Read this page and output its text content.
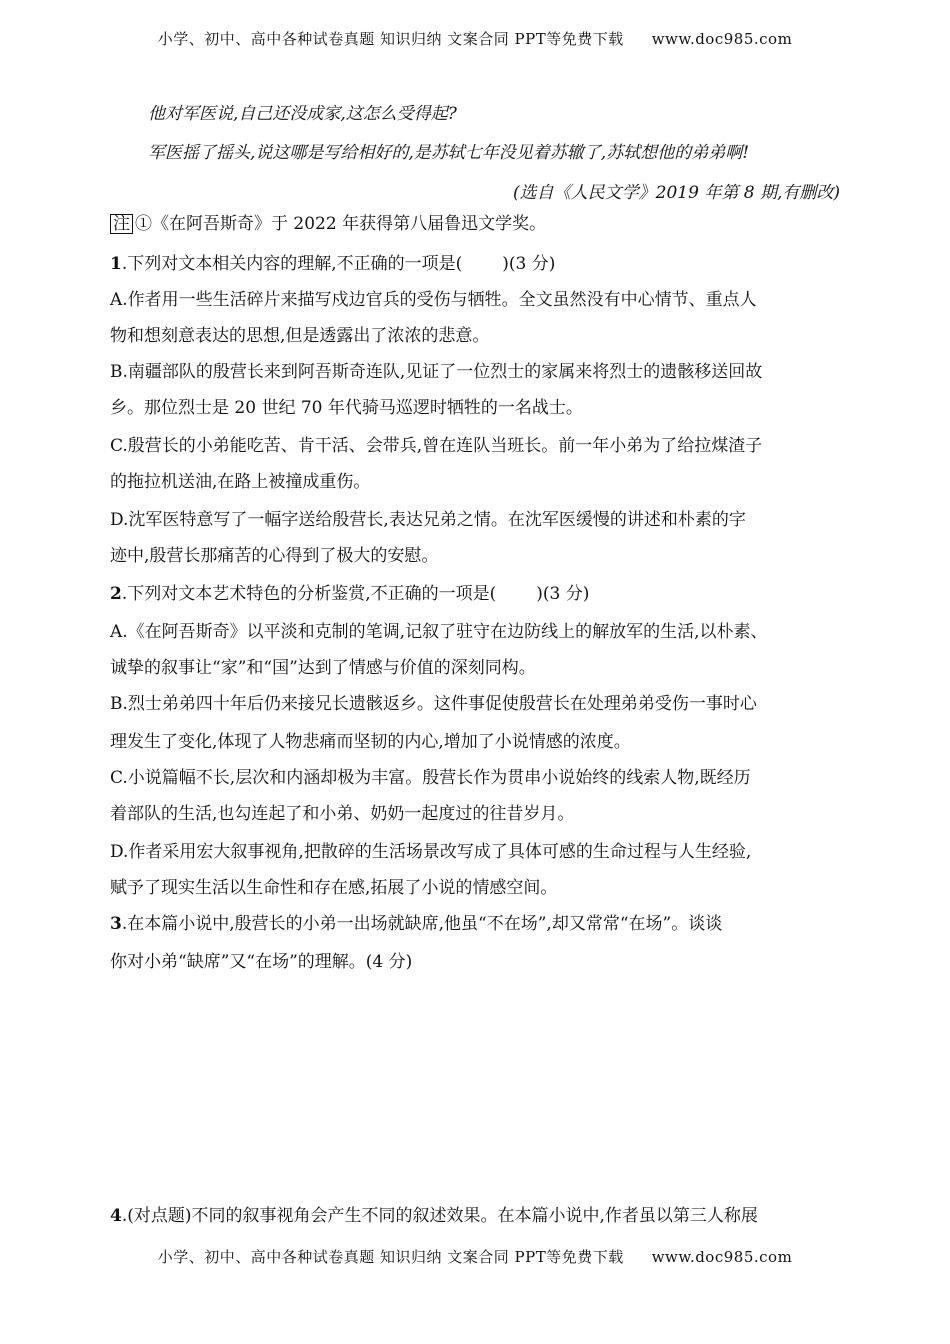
小学、初中、高中各种试卷真题 知识归纳 文案合同 PPT等免费下载 www.doc985.com
他对军医说,自己还没成家,这怎么受得起?
军医摇了摇头,说这哪是写给相好的,是苏轼七年没见着苏辙了,苏轼想他的弟弟啊!
(选自《人民文学》2019 年第 8 期,有删改)
注 ①《在阿吾斯奇》于 2022 年获得第八届鲁迅文学奖。
1.下列对文本相关内容的理解,不正确的一项是( )(3 分)
A.作者用一些生活碎片来描写戍边官兵的受伤与牺牲。全文虽然没有中心情节、重点人
物和想刻意表达的思想,但是透露出了浓浓的悲意。
B.南疆部队的殷营长来到阿吾斯奇连队,见证了一位烈士的家属来将烈士的遗骸移送回故
乡。那位烈士是 20 世纪 70 年代骑马巡逻时牺牲的一名战士。
C.殷营长的小弟能吃苦、肯干活、会带兵,曾在连队当班长。前一年小弟为了给拉煤渣子
的拖拉机送油,在路上被撞成重伤。
D.沈军医特意写了一幅字送给殷营长,表达兄弟之情。在沈军医缓慢的讲述和朴素的字
迹中,殷营长那痛苦的心得到了极大的安慰。
2.下列对文本艺术特色的分析鉴赏,不正确的一项是( )(3 分)
A.《在阿吾斯奇》以平淡和克制的笔调,记叙了驻守在边防线上的解放军的生活,以朴素、
诚挚的叙事让“家”和“国”达到了情感与价值的深刻同构。
B.烈士弟弟四十年后仍来接兄长遗骸返乡。这件事促使殷营长在处理弟弟受伤一事时心
理发生了变化,体现了人物悲痛而坚韧的内心,增加了小说情感的浓度。
C.小说篇幅不长,层次和内涵却极为丰富。殷营长作为贯串小说始终的线索人物,既经历
着部队的生活,也勾连起了和小弟、奶奶一起度过的往昔岁月。
D.作者采用宏大叙事视角,把散碎的生活场景改写成了具体可感的生命过程与人生经验,
赋予了现实生活以生命性和存在感,拓展了小说的情感空间。
3.在本篇小说中,殷营长的小弟一出场就缺席,他虽“不在场”,却又常常“在场”。谈谈
你对小弟“缺席”又“在场”的理解。(4 分)
4.(对点题)不同的叙事视角会产生不同的叙述效果。在本篇小说中,作者虽以第三人称展
小学、初中、高中各种试卷真题 知识归纳 文案合同 PPT等免费下载 www.doc985.com
